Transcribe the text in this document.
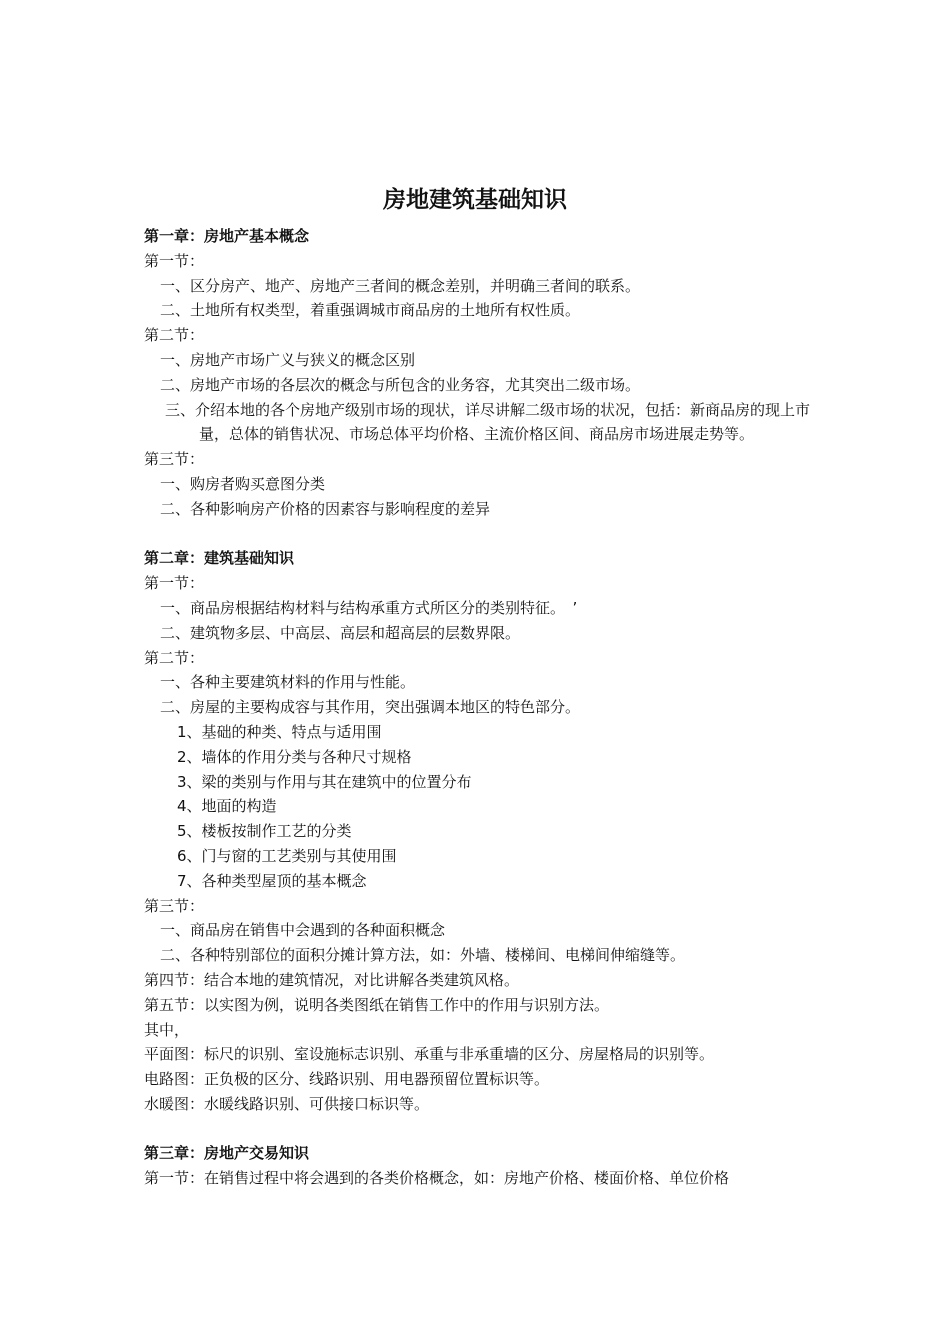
房地建筑基础知识
第一章：房地产基本概念
第一节：
一、区分房产、地产、房地产三者间的概念差别，并明确三者间的联系。
二、土地所有权类型，着重强调城市商品房的土地所有权性质。
第二节：
一、房地产市场广义与狭义的概念区别
二、房地产市场的各层次的概念与所包含的业务容，尤其突出二级市场。
三、介绍本地的各个房地产级别市场的现状，详尽讲解二级市场的状况，包括：新商品房的现上市量，总体的销售状况、市场总体平均价格、主流价格区间、商品房市场进展走势等。
第三节：
一、购房者购买意图分类
二、各种影响房产价格的因素容与影响程度的差异
第二章：建筑基础知识
第一节：
一、商品房根据结构材料与结构承重方式所区分的类别特征。　’
二、建筑物多层、中高层、高层和超高层的层数界限。
第二节：
一、各种主要建筑材料的作用与性能。
二、房屋的主要构成容与其作用，突出强调本地区的特色部分。
1、基础的种类、特点与适用围
2、墙体的作用分类与各种尺寸规格
3、梁的类别与作用与其在建筑中的位置分布
4、地面的构造
5、楼板按制作工艺的分类
6、门与窗的工艺类别与其使用围
7、各种类型屋顶的基本概念
第三节：
一、商品房在销售中会遇到的各种面积概念
二、各种特别部位的面积分摊计算方法，如：外墙、楼梯间、电梯间伸缩缝等。
第四节：结合本地的建筑情况，对比讲解各类建筑风格。
第五节：以实图为例，说明各类图纸在销售工作中的作用与识别方法。
其中，
平面图：标尺的识别、室设施标志识别、承重与非承重墙的区分、房屋格局的识别等。
电路图：正负极的区分、线路识别、用电器预留位置标识等。
水暖图：水暖线路识别、可供接口标识等。
第三章：房地产交易知识
第一节：在销售过程中将会遇到的各类价格概念，如：房地产价格、楼面价格、单位价格
